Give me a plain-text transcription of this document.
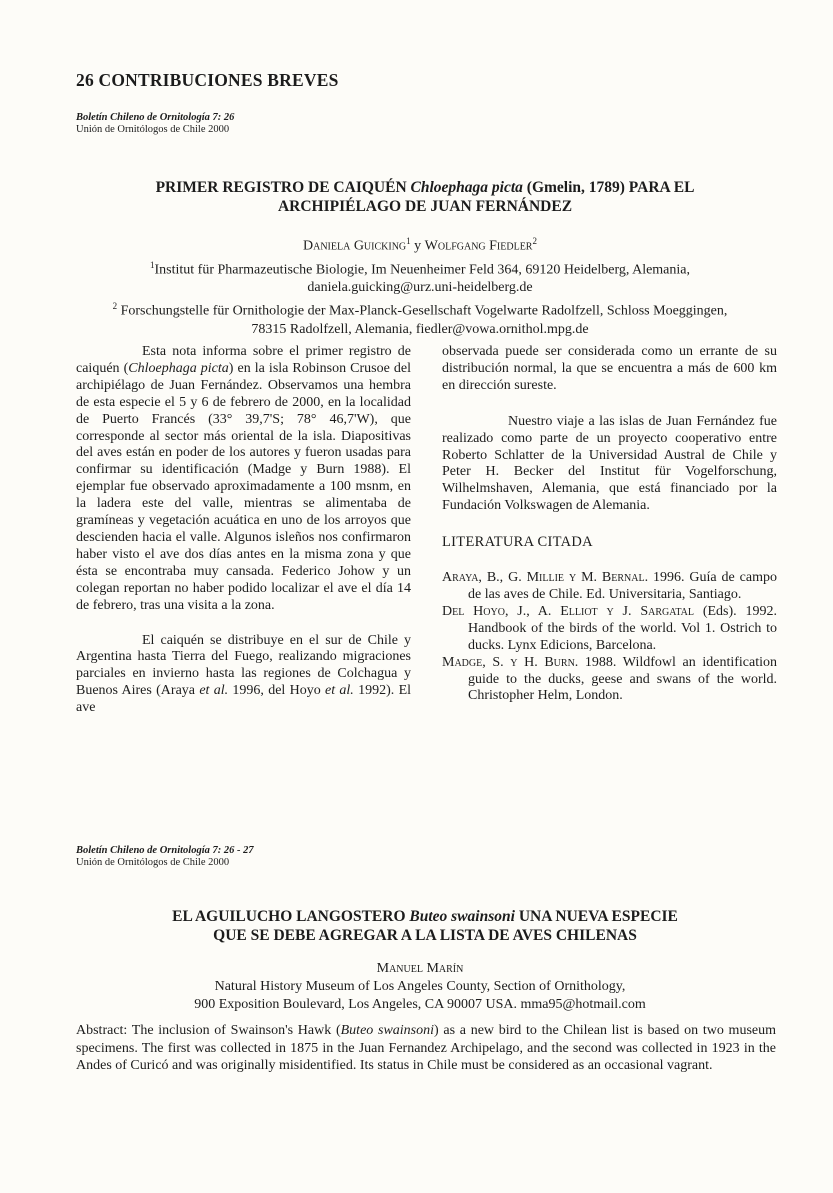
26 CONTRIBUCIONES BREVES
Boletín Chileno de Ornitología 7: 26
Unión de Ornitólogos de Chile 2000
PRIMER REGISTRO DE CAIQUÉN Chloephaga picta (Gmelin, 1789) PARA EL
ARCHIPIÉLAGO DE JUAN FERNÁNDEZ
Daniela Guicking$^1$ y Wolfgang Fiedler$^2$
$^1$Institut für Pharmazeutische Biologie, Im Neuenheimer Feld 364, 69120 Heidelberg, Alemania,
daniela.guicking@urz.uni-heidelberg.de
$^2$ Forschungstelle für Ornithologie der Max-Planck-Gesellschaft Vogelwarte Radolfzell, Schloss Moeggingen,
78315 Radolfzell, Alemania, fiedler@vowa.ornithol.mpg.de

Esta nota informa sobre el primer registro de caiquén (Chloephaga picta) en la isla Robinson Crusoe del archipiélago de Juan Fernández. Observamos una hembra de esta especie el 5 y 6 de febrero de 2000, en la localidad de Puerto Francés (33° 39,7'S; 78° 46,7'W), que corresponde al sector más oriental de la isla. Diapositivas del aves están en poder de los autores y fueron usadas para confirmar su identificación (Madge y Burn 1988). El ejemplar fue observado aproximadamente a 100 msnm, en la ladera este del valle, mientras se alimentaba de gramíneas y vegetación acuática en uno de los arroyos que descienden hacia el valle. Algunos isleños nos confirmaron haber visto el ave dos días antes en la misma zona y que ésta se encontraba muy cansada. Federico Johow y un colegan reportan no haber podido localizar el ave el día 14 de febrero, tras una visita a la zona.

El caiquén se distribuye en el sur de Chile y Argentina hasta Tierra del Fuego, realizando migraciones parciales en invierno hasta las regiones de Colchagua y Buenos Aires (Araya et al. 1996, del Hoyo et al. 1992). El ave

observada puede ser considerada como un errante de su distribución normal, la que se encuentra a más de 600 km en dirección sureste.

Nuestro viaje a las islas de Juan Fernández fue realizado como parte de un proyecto cooperativo entre Roberto Schlatter de la Universidad Austral de Chile y Peter H. Becker del Institut für Vogelforschung, Wilhelmshaven, Alemania, que está financiado por la Fundación Volkswagen de Alemania.

LITERATURA CITADA

Araya, B., G. Millie y M. Bernal. 1996. Guía de campo de las aves de Chile. Ed. Universitaria, Santiago.

Del Hoyo, J., A. Elliot y J. Sargatal (Eds). 1992. Handbook of the birds of the world. Vol 1. Ostrich to ducks. Lynx Edicions, Barcelona.

Madge, S. y H. Burn. 1988. Wildfowl an identification guide to the ducks, geese and swans of the world. Christopher Helm, London.

Boletín Chileno de Ornitología 7: 26 - 27
Unión de Ornitólogos de Chile 2000
EL AGUILUCHO LANGOSTERO Buteo swainsoni UNA NUEVA ESPECIE
QUE SE DEBE AGREGAR A LA LISTA DE AVES CHILENAS
Manuel Marín
Natural History Museum of Los Angeles County, Section of Ornithology,
900 Exposition Boulevard, Los Angeles, CA 90007 USA. mma95@hotmail.com
Abstract: The inclusion of Swainson's Hawk (Buteo swainsoni) as a new bird to the Chilean list is based on two museum specimens. The first was collected in 1875 in the Juan Fernandez Archipelago, and the second was collected in 1923 in the Andes of Curicó and was originally misidentified. Its status in Chile must be considered as an occasional vagrant.
